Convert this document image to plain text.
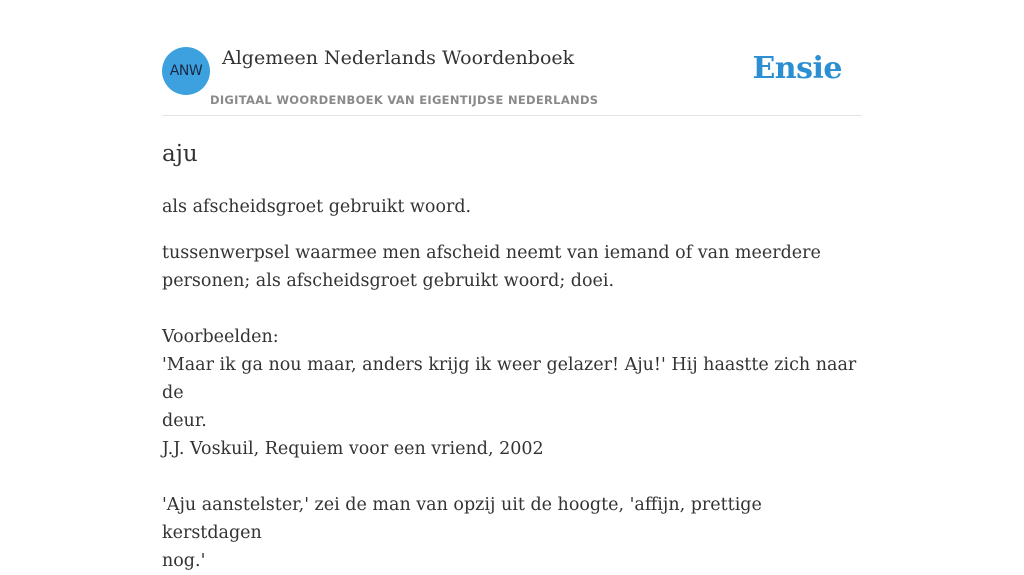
ANW
Algemeen Nederlands Woordenboek
DIGITAAL WOORDENBOEK VAN EIGENTIJDSE NEDERLANDS
Ensie
aju

als afscheidsgroet gebruikt woord.

tussenwerpsel waarmee men afscheid neemt van iemand of van meerdere
personen; als afscheidsgroet gebruikt woord; doei.
Voorbeelden:
'Maar ik ga nou maar, anders krijg ik weer gelazer! Aju!' Hij haastte zich naar de
deur.
J.J. Voskuil, Requiem voor een vriend, 2002
'Aju aanstelster,' zei de man van opzij uit de hoogte, 'affijn, prettige kerstdagen
nog.'
